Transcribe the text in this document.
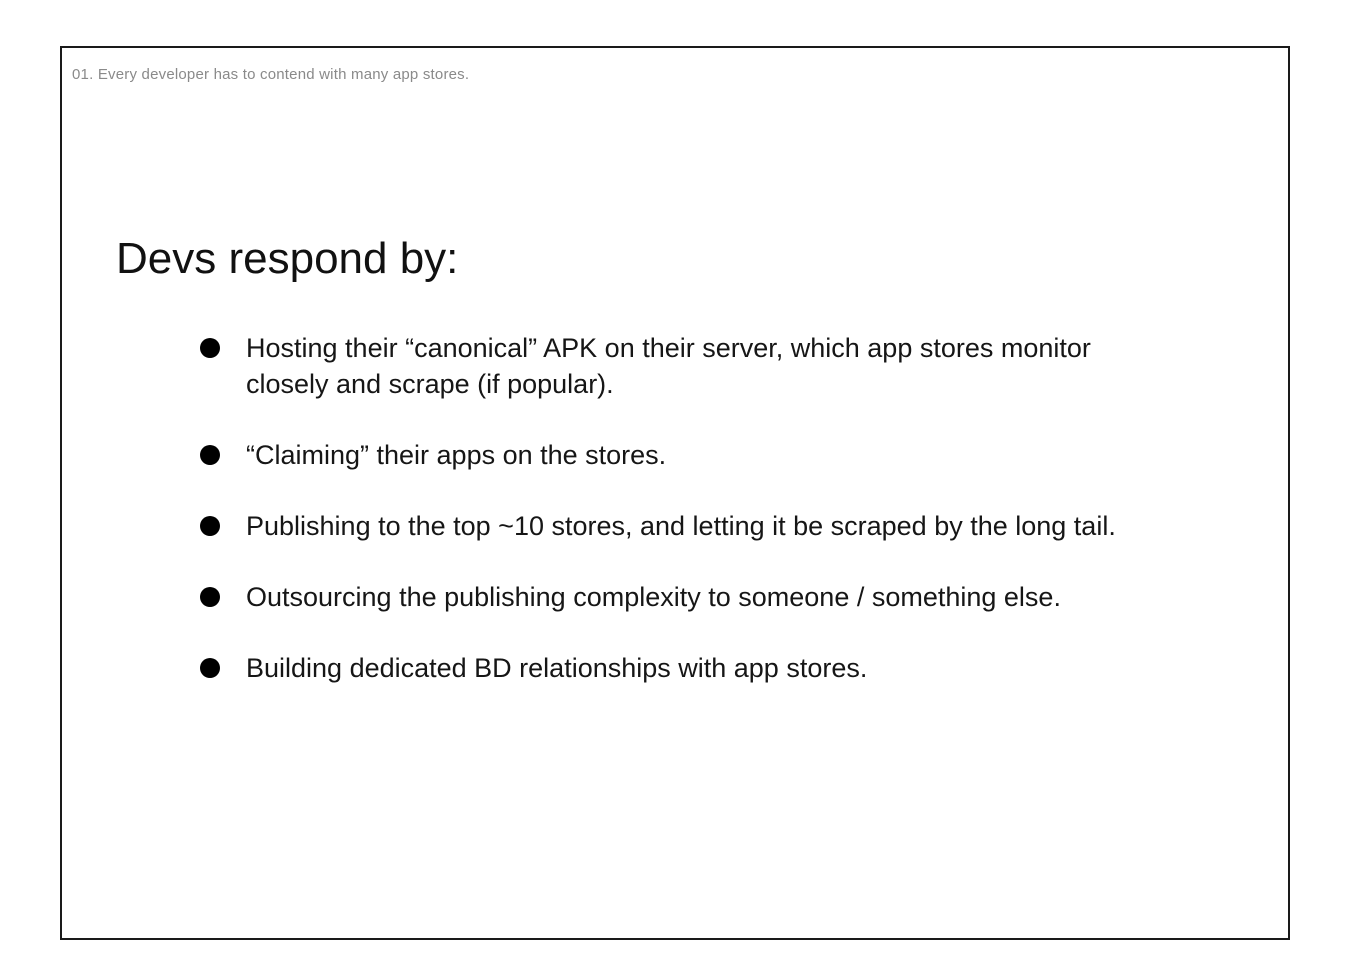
01. Every developer has to contend with many app stores.
Devs respond by:
Hosting their “canonical” APK on their server, which app stores monitor closely and scrape (if popular).
“Claiming” their apps on the stores.
Publishing to the top ~10 stores, and letting it be scraped by the long tail.
Outsourcing the publishing complexity to someone / something else.
Building dedicated BD relationships with app stores.
